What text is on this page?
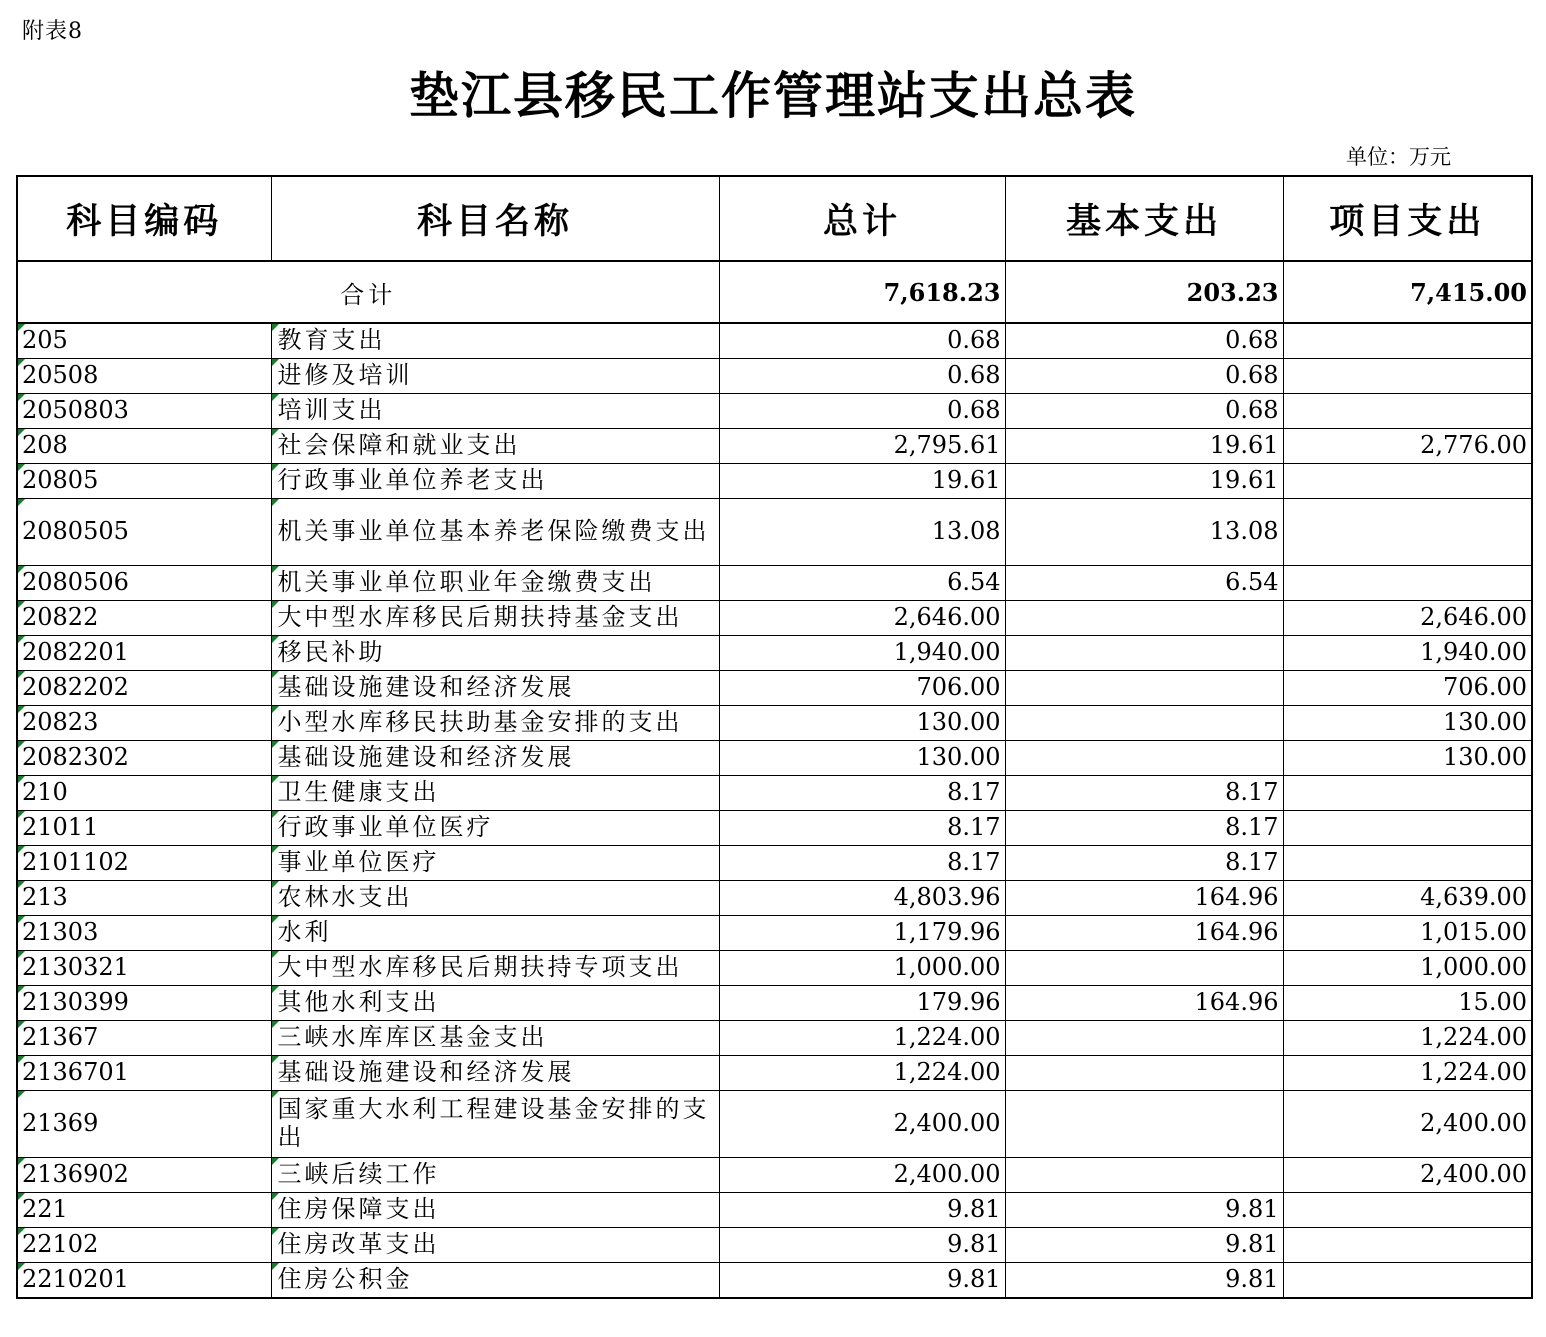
附表8
垫江县移民工作管理站支出总表
单位：万元
科目编码	科目名称	总计	基本支出	项目支出
合计		7,618.23	203.23	7,415.00

205	教育支出	0.68	0.68	

20508	进修及培训	0.68	0.68	

2050803	培训支出	0.68	0.68	

208	社会保障和就业支出	2,795.61	19.61	2,776.00

20805	行政事业单位养老支出	19.61	19.61	

2080505	机关事业单位基本养老保险缴费支出	13.08	13.08	

2080506	机关事业单位职业年金缴费支出	6.54	6.54	

20822	大中型水库移民后期扶持基金支出	2,646.00		2,646.00

2082201	移民补助	1,940.00		1,940.00

2082202	基础设施建设和经济发展	706.00		706.00

20823	小型水库移民扶助基金安排的支出	130.00		130.00

2082302	基础设施建设和经济发展	130.00		130.00

210	卫生健康支出	8.17	8.17	

21011	行政事业单位医疗	8.17	8.17	

2101102	事业单位医疗	8.17	8.17	

213	农林水支出	4,803.96	164.96	4,639.00

21303	水利	1,179.96	164.96	1,015.00

2130321	大中型水库移民后期扶持专项支出	1,000.00		1,000.00

2130399	其他水利支出	179.96	164.96	15.00

21367	三峡水库库区基金支出	1,224.00		1,224.00

2136701	基础设施建设和经济发展	1,224.00		1,224.00

21369	国家重大水利工程建设基金安排的支出	2,400.00		2,400.00

2136902	三峡后续工作	2,400.00		2,400.00

221	住房保障支出	9.81	9.81	

22102	住房改革支出	9.81	9.81	

2210201	住房公积金	9.81	9.81	
